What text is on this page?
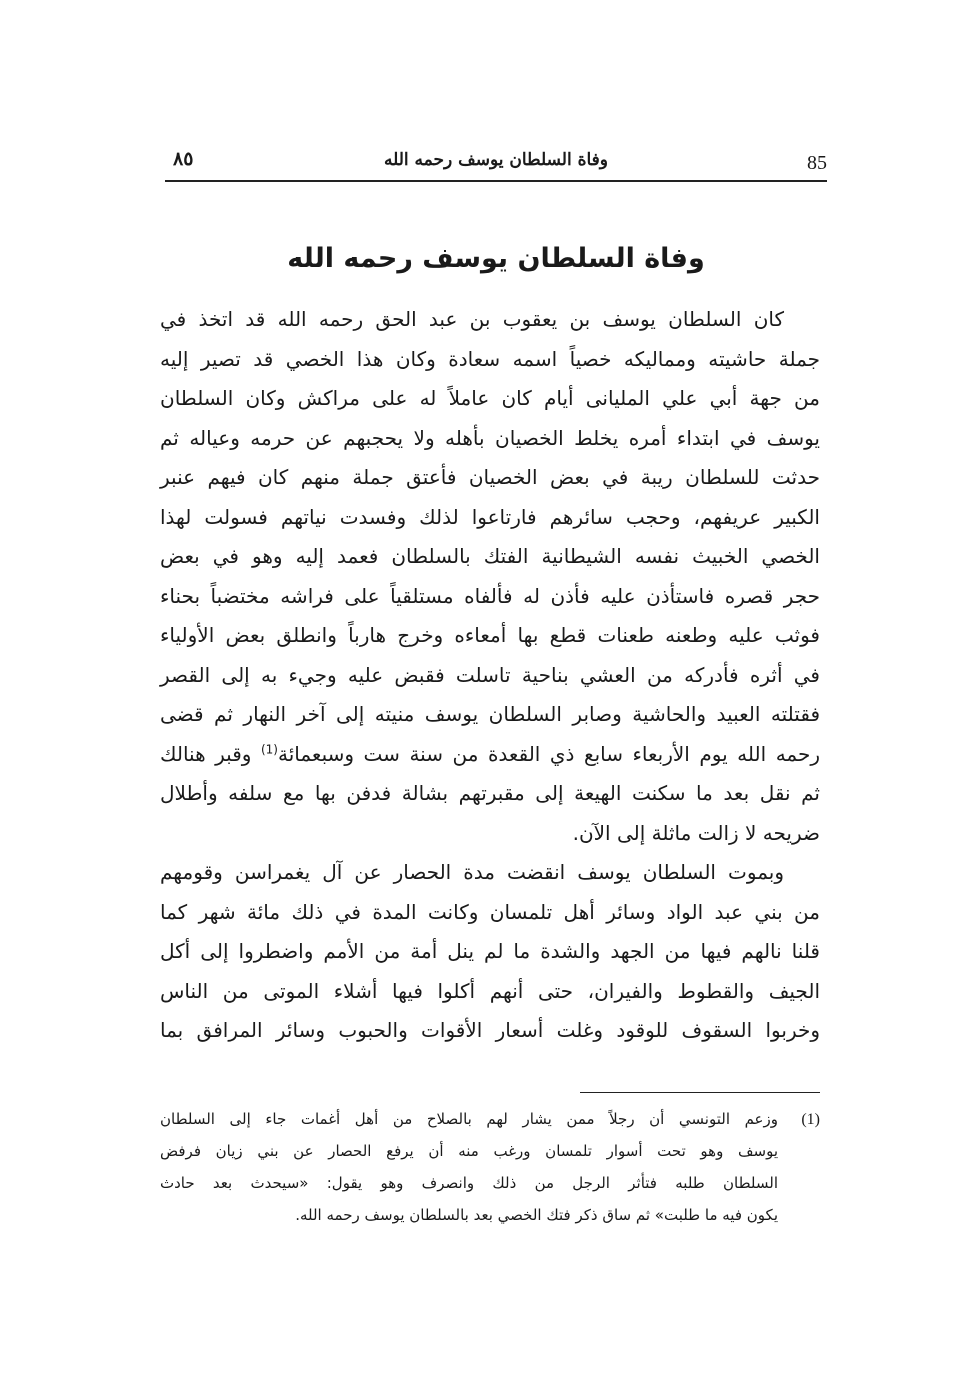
85
وفاة السلطان يوسف رحمه الله
٨٥
وفاة السلطان يوسف رحمه الله
كان السلطان يوسف بن يعقوب بن عبد الحق رحمه الله قد اتخذ في
جملة حاشيته ومماليكه خصياً اسمه سعادة وكان هذا الخصي قد تصير إليه
من جهة أبي علي المليانى أيام كان عاملاً له على مراكش وكان السلطان
يوسف في ابتداء أمره يخلط الخصيان بأهله ولا يحجبهم عن حرمه وعياله ثم
حدثت للسلطان ريبة في بعض الخصيان فأعتق جملة منهم كان فيهم عنبر
الكبير عريفهم، وحجب سائرهم فارتاعوا لذلك وفسدت نياتهم فسولت لهذا
الخصي الخبيث نفسه الشيطانية الفتك بالسلطان فعمد إليه وهو في بعض
حجر قصره فاستأذن عليه فأذن له فألفاه مستلقياً على فراشه مختضباً بحناء
فوثب عليه وطعنه طعنات قطع بها أمعاءه وخرج هارباً وانطلق بعض الأولياء
في أثره فأدركه من العشي بناحية تاسلت فقبض عليه وجيء به إلى القصر
فقتلته العبيد والحاشية وصابر السلطان يوسف منيته إلى آخر النهار ثم قضى
رحمه الله يوم الأربعاء سابع ذي القعدة من سنة ست وسبعمائة$^{(1)}$ وقبر هنالك
ثم نقل بعد ما سكنت الهيعة إلى مقبرتهم بشالة فدفن بها مع سلفه وأطلال
ضريحه لا زالت ماثلة إلى الآن.
وبموت السلطان يوسف انقضت مدة الحصار عن آل يغمراسن وقومهم
من بني عبد الواد وسائر أهل تلمسان وكانت المدة في ذلك مائة شهر كما
قلنا نالهم فيها من الجهد والشدة ما لم ينل أمة من الأمم واضطروا إلى أكل
الجيف والقطوط والفيران، حتى أنهم أكلوا فيها أشلاء الموتى من الناس
وخربوا السقوف للوقود وغلت أسعار الأقوات والحبوب وسائر المرافق بما
(1)وزعم التونسي أن رجلاً ممن يشار لهم بالصلاح من أهل أغمات جاء إلى السلطان
يوسف وهو تحت أسوار تلمسان ورغب منه أن يرفع الحصار عن بني زيان فرفض
السلطان طلبه فتأثر الرجل من ذلك وانصرف وهو يقول: «سيحدث بعد حادث
يكون فيه ما طلبت» ثم ساق ذكر فتك الخصي بعد بالسلطان يوسف رحمه الله.
